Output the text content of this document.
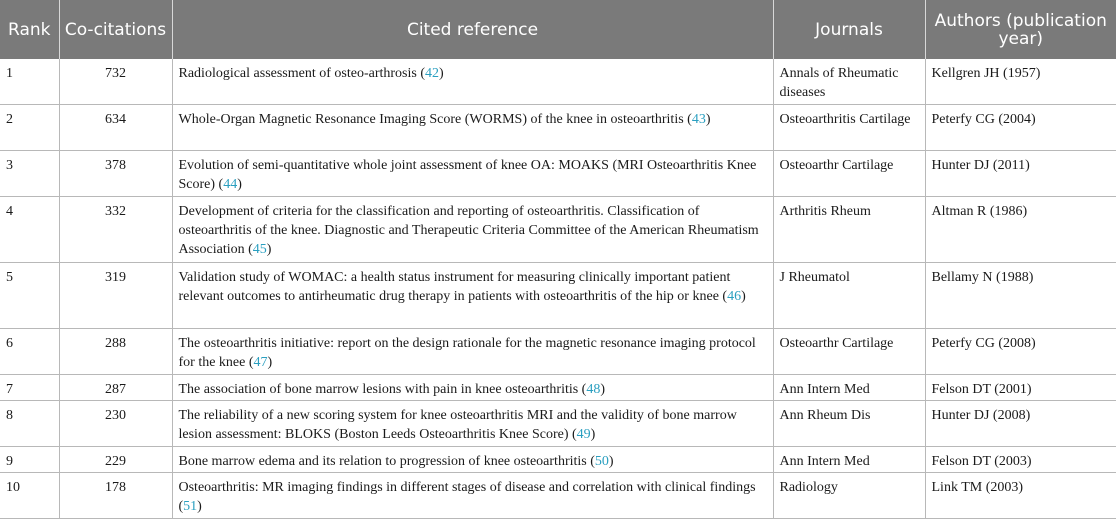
Rank	Co-citations	Cited reference	Journals	Authors (publication year)
1	732	Radiological assessment of osteo-arthrosis (42)	Annals of Rheumatic diseases	Kellgren JH (1957)
2	634	Whole-Organ Magnetic Resonance Imaging Score (WORMS) of the knee in osteoarthritis (43)	Osteoarthritis Cartilage	Peterfy CG (2004)
3	378	Evolution of semi-quantitative whole joint assessment of knee OA: MOAKS (MRI Osteoarthritis Knee Score) (44)	Osteoarthr Cartilage	Hunter DJ (2011)
4	332	Development of criteria for the classification and reporting of osteoarthritis. Classification of osteoarthritis of the knee. Diagnostic and Therapeutic Criteria Committee of the American Rheumatism Association (45)	Arthritis Rheum	Altman R (1986)
5	319	Validation study of WOMAC: a health status instrument for measuring clinically important patient relevant outcomes to antirheumatic drug therapy in patients with osteoarthritis of the hip or knee (46)	J Rheumatol	Bellamy N (1988)
6	288	The osteoarthritis initiative: report on the design rationale for the magnetic resonance imaging protocol for the knee (47)	Osteoarthr Cartilage	Peterfy CG (2008)
7	287	The association of bone marrow lesions with pain in knee osteoarthritis (48)	Ann Intern Med	Felson DT (2001)
8	230	The reliability of a new scoring system for knee osteoarthritis MRI and the validity of bone marrow lesion assessment: BLOKS (Boston Leeds Osteoarthritis Knee Score) (49)	Ann Rheum Dis	Hunter DJ (2008)
9	229	Bone marrow edema and its relation to progression of knee osteoarthritis (50)	Ann Intern Med	Felson DT (2003)
10	178	Osteoarthritis: MR imaging findings in different stages of disease and correlation with clinical findings (51)	Radiology	Link TM (2003)
